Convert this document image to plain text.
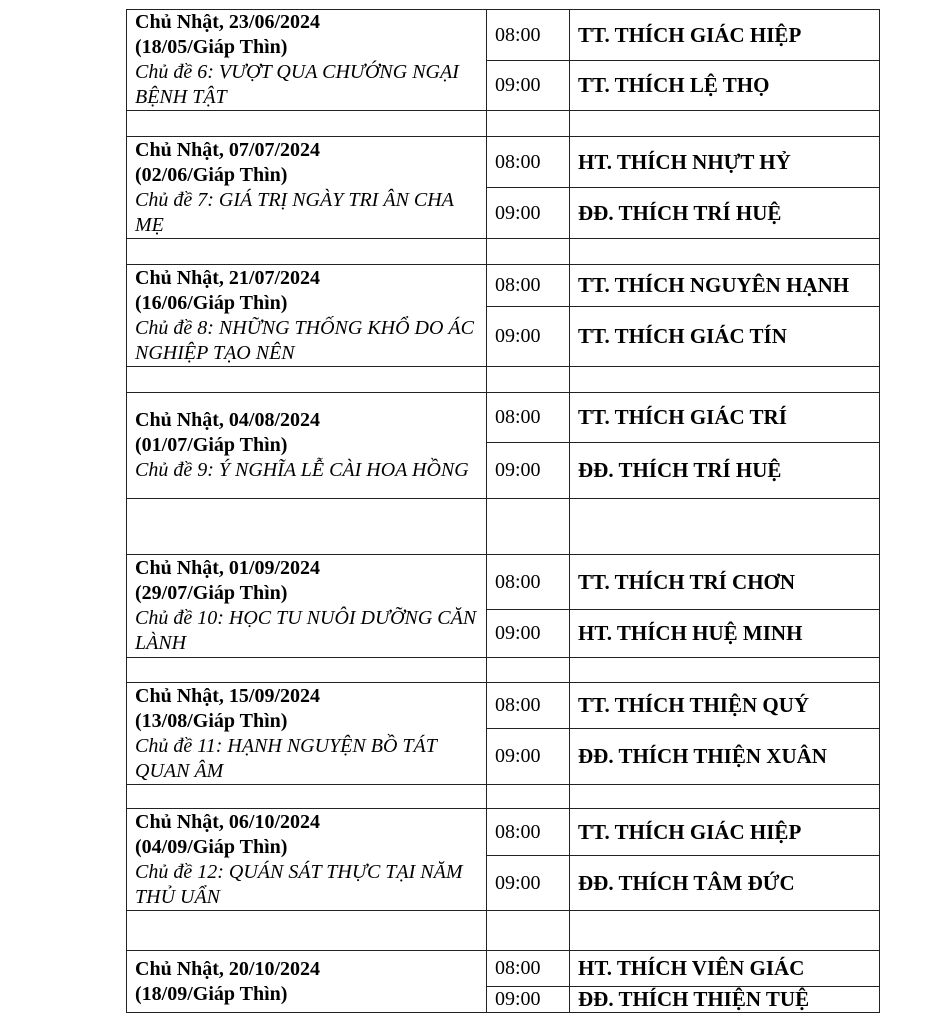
Chủ Nhật, 23/06/2024
(18/05/Giáp Thìn)
Chủ đề 6: VƯỢT QUA CHƯỚNG NGẠI BỆNH TẬT	08:00	TT. THÍCH GIÁC HIỆP
	09:00	TT. THÍCH LỆ THỌ

Chủ Nhật, 07/07/2024
(02/06/Giáp Thìn)
Chủ đề 7: GIÁ TRỊ NGÀY TRI ÂN CHA MẸ	08:00	HT. THÍCH NHỰT HỶ
	09:00	ĐĐ. THÍCH TRÍ HUỆ

Chủ Nhật, 21/07/2024
(16/06/Giáp Thìn)
Chủ đề 8: NHỮNG THỐNG KHỔ DO ÁC NGHIỆP TẠO NÊN	08:00	TT. THÍCH NGUYÊN HẠNH
	09:00	TT. THÍCH GIÁC TÍN

Chủ Nhật, 04/08/2024
(01/07/Giáp Thìn)
Chủ đề 9: Ý NGHĨA LỄ CÀI HOA HỒNG	08:00	TT. THÍCH GIÁC TRÍ
	09:00	ĐĐ. THÍCH TRÍ HUỆ

Chủ Nhật, 01/09/2024
(29/07/Giáp Thìn)
Chủ đề 10: HỌC TU NUÔI DƯỠNG CĂN LÀNH	08:00	TT. THÍCH TRÍ CHƠN
	09:00	HT. THÍCH HUỆ MINH

Chủ Nhật, 15/09/2024
(13/08/Giáp Thìn)
Chủ đề 11: HẠNH NGUYỆN BỒ TÁT QUAN ÂM	08:00	TT. THÍCH THIỆN QUÝ
	09:00	ĐĐ. THÍCH THIỆN XUÂN

Chủ Nhật, 06/10/2024
(04/09/Giáp Thìn)
Chủ đề 12: QUÁN SÁT THỰC TẠI NĂM THỦ UẨN	08:00	TT. THÍCH GIÁC HIỆP
	09:00	ĐĐ. THÍCH TÂM ĐỨC

Chủ Nhật, 20/10/2024
(18/09/Giáp Thìn)	08:00	HT. THÍCH VIÊN GIÁC
	09:00	ĐĐ. THÍCH THIỆN TUỆ
